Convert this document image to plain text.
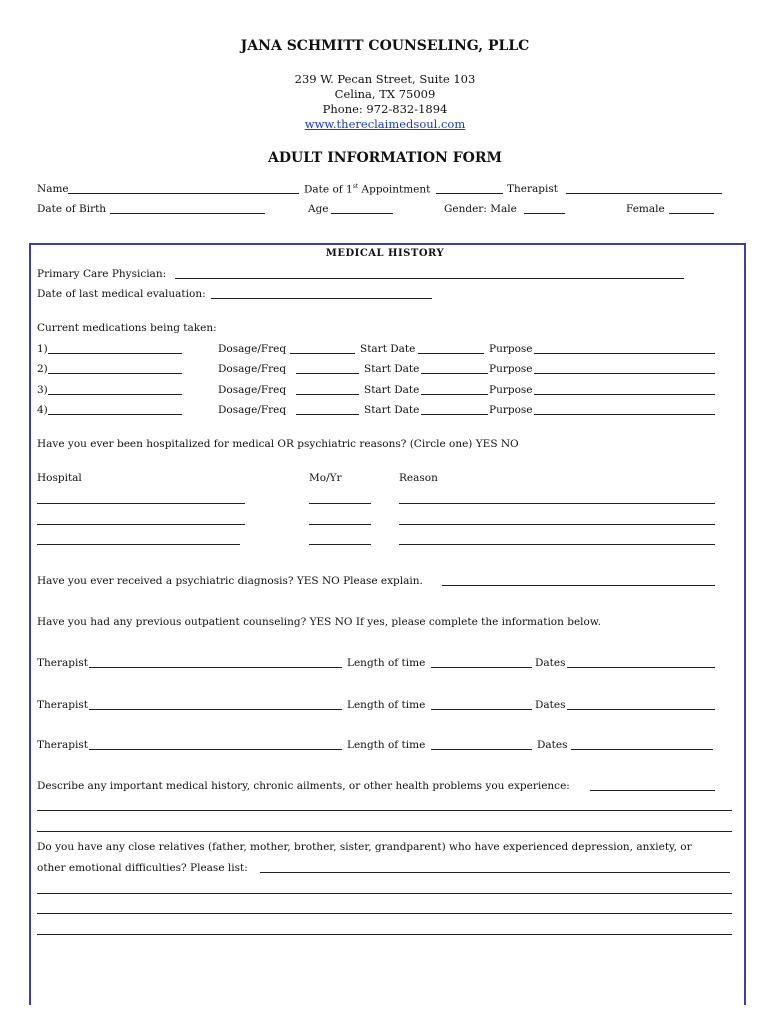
JANA SCHMITT COUNSELING, PLLC
239 W. Pecan Street, Suite 103
Celina, TX 75009
Phone: 972-832-1894
www.thereclaimedsoul.com
ADULT INFORMATION FORM
Name	Date of 1st Appointment	Therapist
Date of Birth	Age	Gender: Male	Female
MEDICAL HISTORY
Primary Care Physician:
Date of last medical evaluation:
Current medications being taken:
1)	Dosage/Freq	Start Date	Purpose
2)	Dosage/Freq	Start Date	Purpose
3)	Dosage/Freq	Start Date	Purpose
4)	Dosage/Freq	Start Date	Purpose
Have you ever been hospitalized for medical OR psychiatric reasons? (Circle one) YES NO
Hospital	Mo/Yr	Reason
Have you ever received a psychiatric diagnosis? YES NO Please explain.
Have you had any previous outpatient counseling? YES NO If yes, please complete the information below.
Therapist	Length of time	Dates
Therapist	Length of time	Dates
Therapist	Length of time	Dates
Describe any important medical history, chronic ailments, or other health problems you experience:
Do you have any close relatives (father, mother, brother, sister, grandparent) who have experienced depression, anxiety, or
other emotional difficulties? Please list:
